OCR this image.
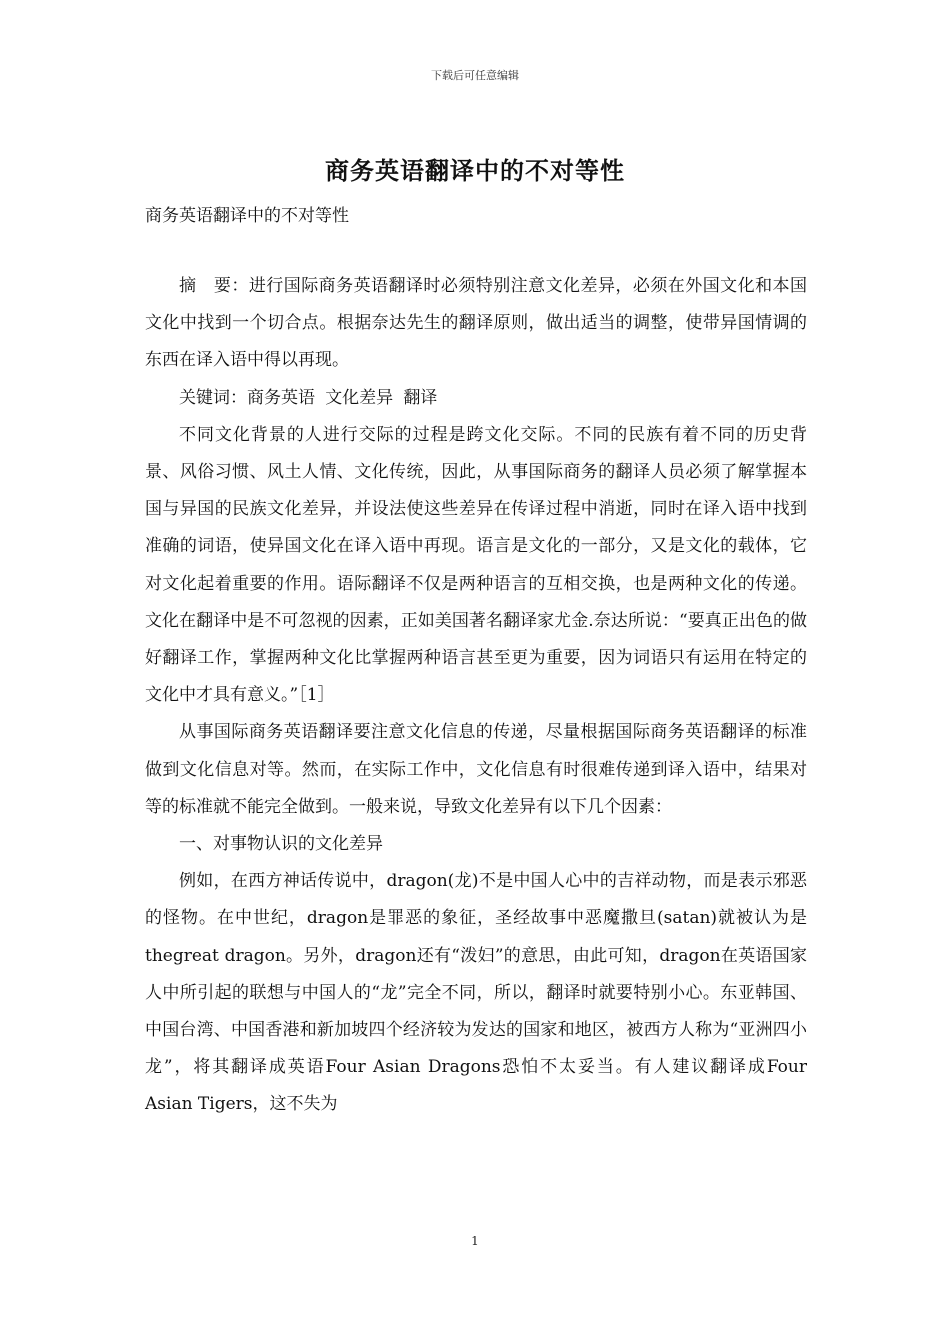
下载后可任意编辑
商务英语翻译中的不对等性
商务英语翻译中的不对等性

摘　要：进行国际商务英语翻译时必须特别注意文化差异，必须在外国文化和本国文化中找到一个切合点。根据奈达先生的翻译原则，做出适当的调整，使带异国情调的东西在译入语中得以再现。

关键词：商务英语 文化差异 翻译

不同文化背景的人进行交际的过程是跨文化交际。不同的民族有着不同的历史背景、风俗习惯、风土人情、文化传统，因此，从事国际商务的翻译人员必须了解掌握本国与异国的民族文化差异，并设法使这些差异在传译过程中消逝，同时在译入语中找到准确的词语，使异国文化在译入语中再现。语言是文化的一部分，又是文化的载体，它对文化起着重要的作用。语际翻译不仅是两种语言的互相交换，也是两种文化的传递。文化在翻译中是不可忽视的因素，正如美国著名翻译家尤金.奈达所说：“要真正出色的做好翻译工作，掌握两种文化比掌握两种语言甚至更为重要，因为词语只有运用在特定的文化中才具有意义。”［1］

从事国际商务英语翻译要注意文化信息的传递，尽量根据国际商务英语翻译的标准做到文化信息对等。然而，在实际工作中，文化信息有时很难传递到译入语中，结果对等的标准就不能完全做到。一般来说，导致文化差异有以下几个因素：

一、对事物认识的文化差异

例如，在西方神话传说中，dragon(龙)不是中国人心中的吉祥动物，而是表示邪恶的怪物。在中世纪，dragon是罪恶的象征，圣经故事中恶魔撒旦(satan)就被认为是thegreat dragon。另外，dragon还有“泼妇”的意思，由此可知，dragon在英语国家人中所引起的联想与中国人的“龙”完全不同，所以，翻译时就要特别小心。东亚韩国、中国台湾、中国香港和新加坡四个经济较为发达的国家和地区，被西方人称为“亚洲四小龙”，将其翻译成英语Four Asian Dragons恐怕不太妥当。有人建议翻译成Four Asian Tigers，这不失为

1
